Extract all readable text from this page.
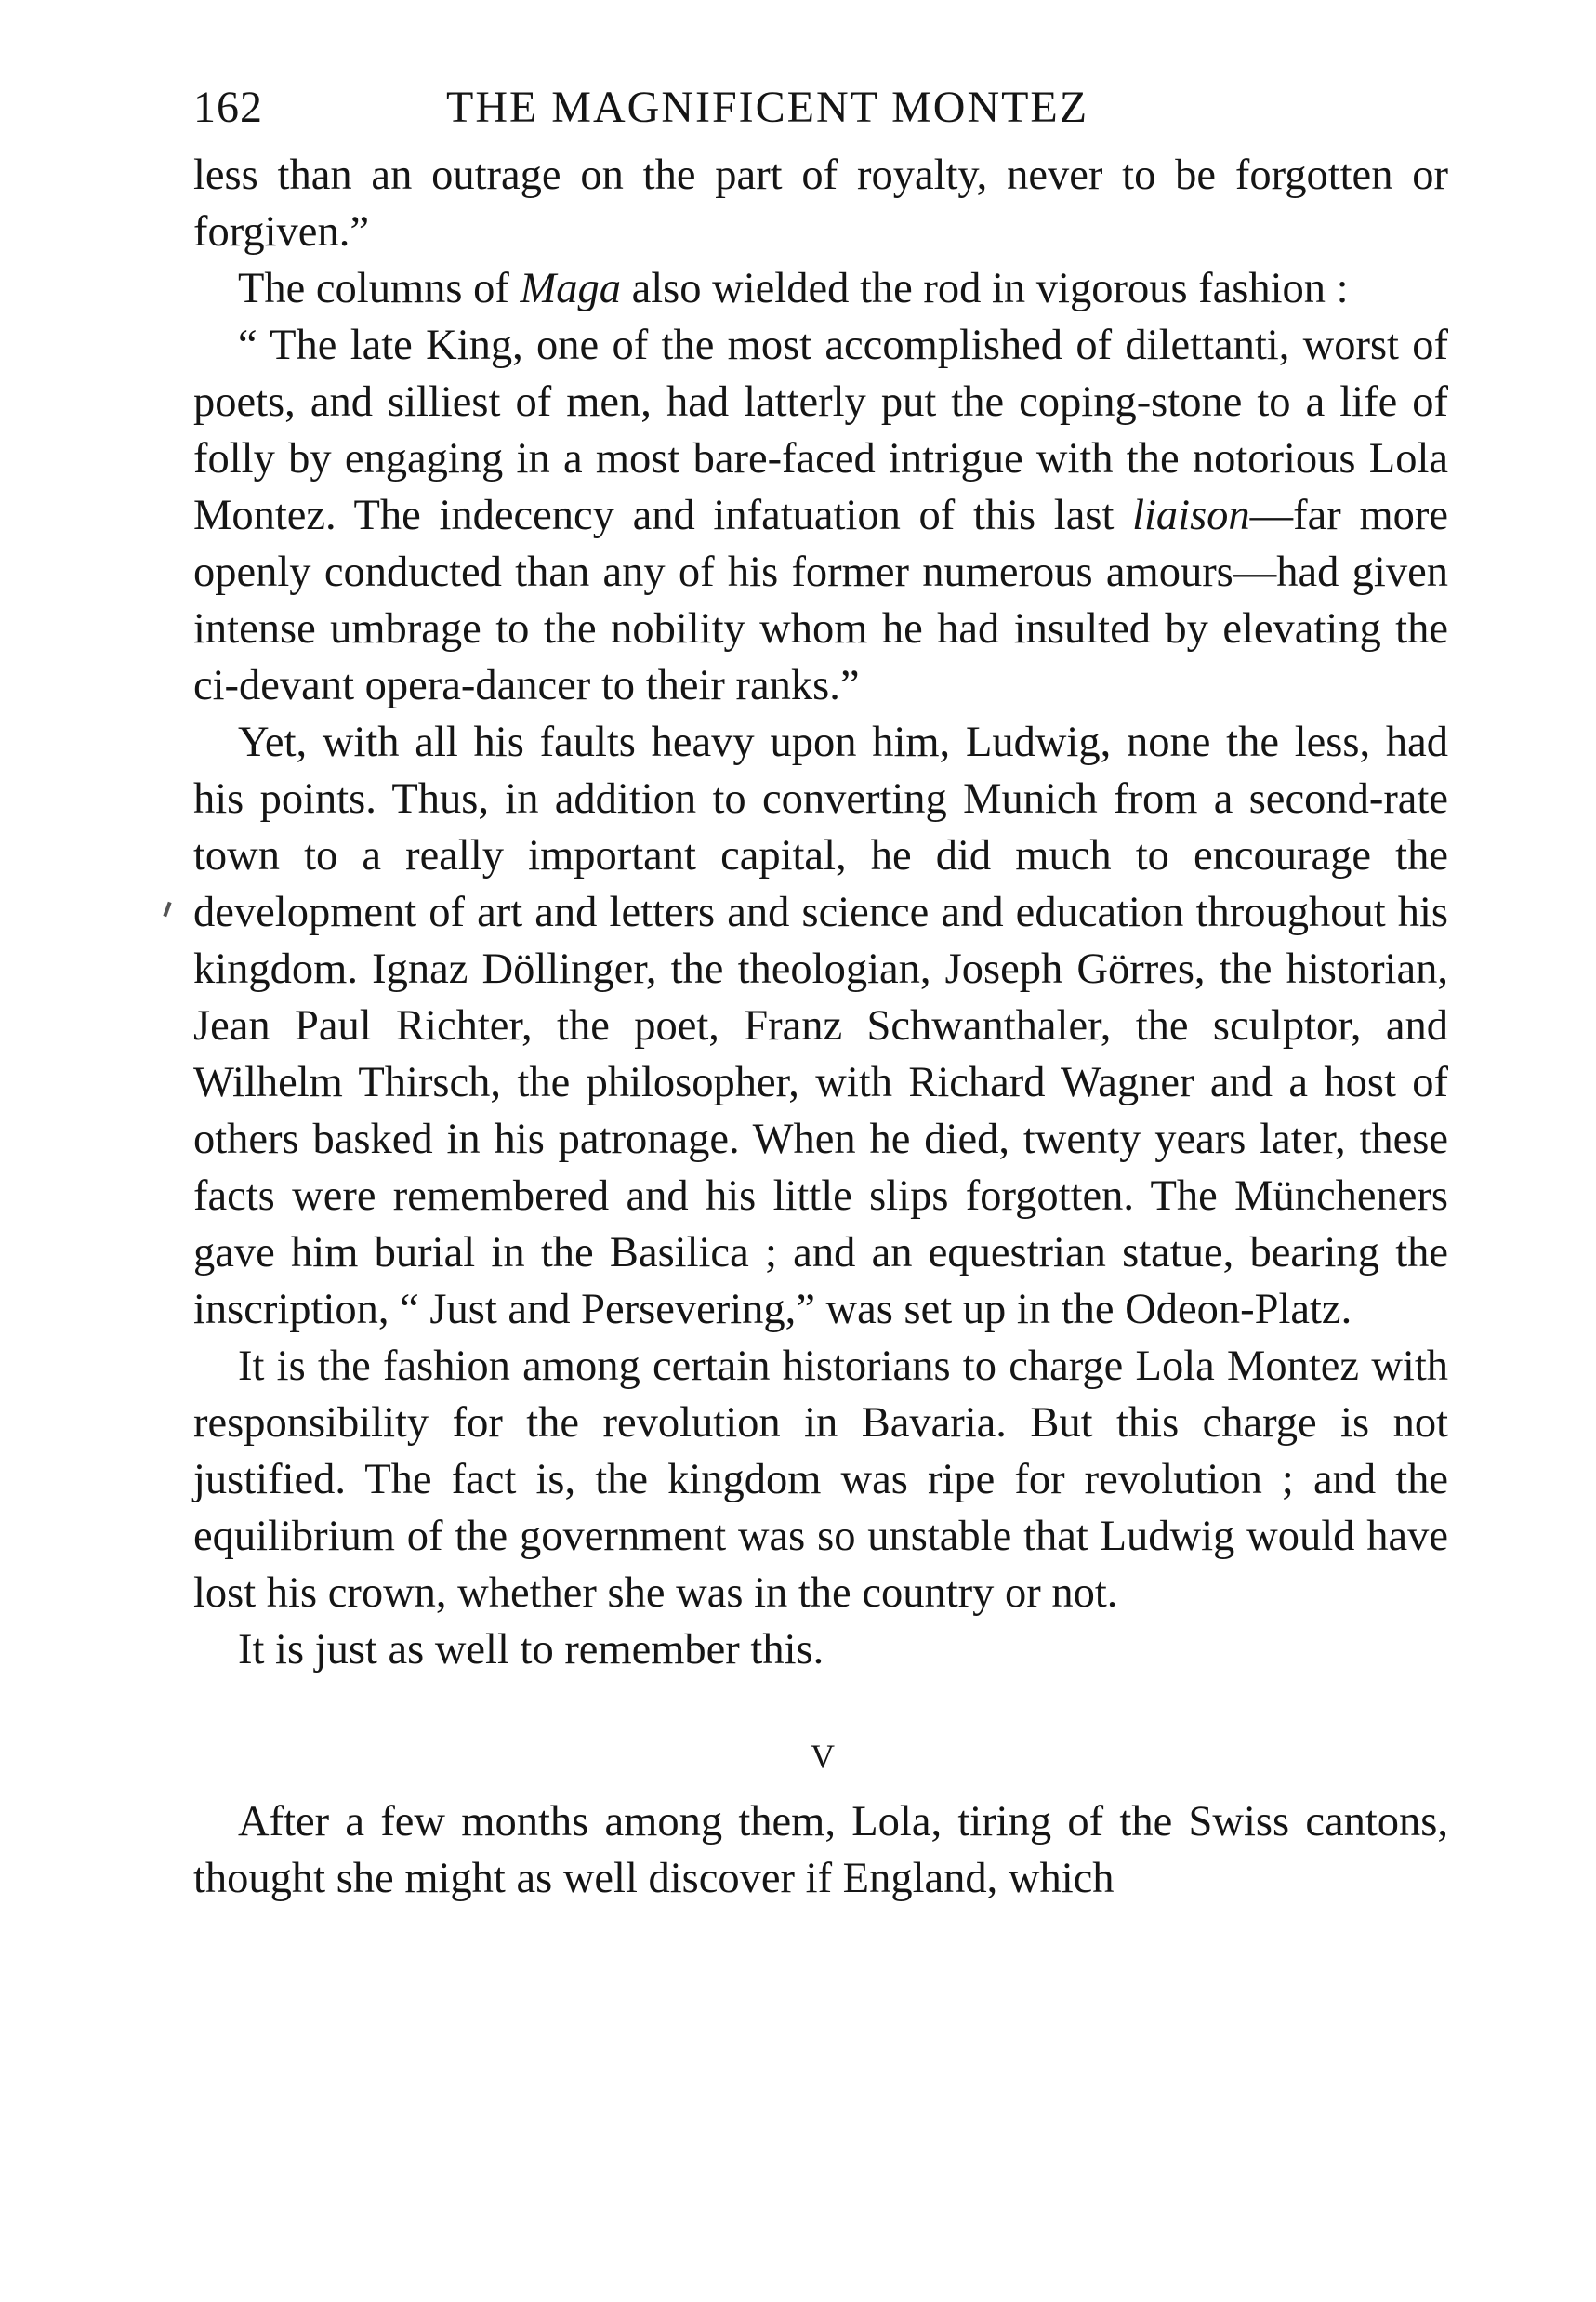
162	THE MAGNIFICENT MONTEZ

less than an outrage on the part of royalty, never to be forgotten or forgiven.”

The columns of Maga also wielded the rod in vigorous fashion :

“ The late King, one of the most accomplished of dilettanti, worst of poets, and silliest of men, had latterly put the coping-stone to a life of folly by engaging in a most bare-faced intrigue with the notorious Lola Montez. The indecency and infatuation of this last liaison—far more openly conducted than any of his former numerous amours—had given intense umbrage to the nobility whom he had insulted by elevating the ci-devant opera-dancer to their ranks.”

Yet, with all his faults heavy upon him, Ludwig, none the less, had his points. Thus, in addition to converting Munich from a second-rate town to a really important capital, he did much to encourage the development of art and letters and science and education throughout his kingdom. Ignaz Döllinger, the theologian, Joseph Görres, the historian, Jean Paul Richter, the poet, Franz Schwanthaler, the sculptor, and Wilhelm Thirsch, the philosopher, with Richard Wagner and a host of others basked in his patronage. When he died, twenty years later, these facts were remembered and his little slips forgotten. The Müncheners gave him burial in the Basilica ; and an equestrian statue, bearing the inscription, “ Just and Persevering,” was set up in the Odeon-Platz.

It is the fashion among certain historians to charge Lola Montez with responsibility for the revolution in Bavaria. But this charge is not justified. The fact is, the kingdom was ripe for revolution ; and the equilibrium of the government was so unstable that Ludwig would have lost his crown, whether she was in the country or not.

It is just as well to remember this.

V

After a few months among them, Lola, tiring of the Swiss cantons, thought she might as well discover if England, which
